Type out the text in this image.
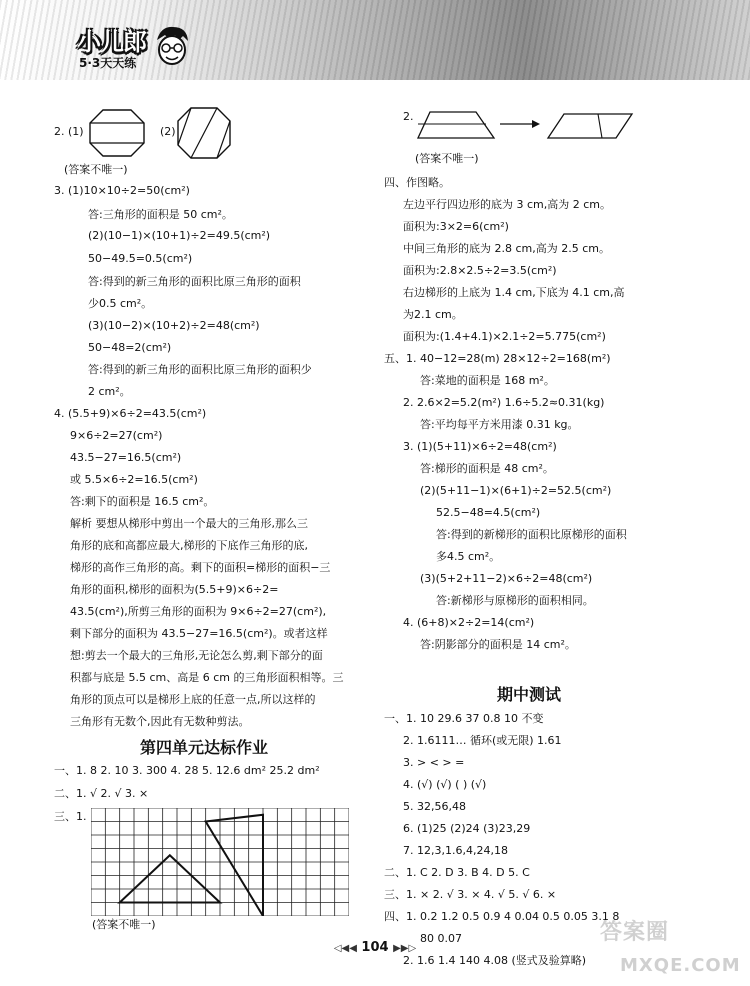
小儿郎
5·3天天练
2. (1)	(2)
(答案不唯一)
3. (1)10×10÷2=50(cm²)
答:三角形的面积是 50 cm²。
(2)(10−1)×(10+1)÷2=49.5(cm²)
50−49.5=0.5(cm²)
答:得到的新三角形的面积比原三角形的面积
少0.5 cm²。
(3)(10−2)×(10+2)÷2=48(cm²)
50−48=2(cm²)
答:得到的新三角形的面积比原三角形的面积少
2 cm²。
4. (5.5+9)×6÷2=43.5(cm²)
9×6÷2=27(cm²)
43.5−27=16.5(cm²)
或 5.5×6÷2=16.5(cm²)
答:剩下的面积是 16.5 cm²。
解析 要想从梯形中剪出一个最大的三角形,那么三
角形的底和高都应最大,梯形的下底作三角形的底,
梯形的高作三角形的高。剩下的面积=梯形的面积−三
角形的面积,梯形的面积为(5.5+9)×6÷2=
43.5(cm²),所剪三角形的面积为 9×6÷2=27(cm²),
剩下部分的面积为 43.5−27=16.5(cm²)。或者这样
想:剪去一个最大的三角形,无论怎么剪,剩下部分的面
积都与底是 5.5 cm、高是 6 cm 的三角形面积相等。三
角形的顶点可以是梯形上底的任意一点,所以这样的
三角形有无数个,因此有无数种剪法。
一、1. 8 2. 10 3. 300 4. 28 5. 12.6 dm² 25.2 dm²
二、1. √ 2. √ 3. ×
三、1.
(答案不唯一)
第四单元达标作业
2.
(答案不唯一)
四、作图略。
左边平行四边形的底为 3 cm,高为 2 cm。
面积为:3×2=6(cm²)
中间三角形的底为 2.8 cm,高为 2.5 cm。
面积为:2.8×2.5÷2=3.5(cm²)
右边梯形的上底为 1.4 cm,下底为 4.1 cm,高
为2.1 cm。
面积为:(1.4+4.1)×2.1÷2=5.775(cm²)
五、1. 40−12=28(m) 28×12÷2=168(m²)
答:菜地的面积是 168 m²。
2. 2.6×2=5.2(m²) 1.6÷5.2≈0.31(kg)
答:平均每平方米用漆 0.31 kg。
3. (1)(5+11)×6÷2=48(cm²)
答:梯形的面积是 48 cm²。
(2)(5+11−1)×(6+1)÷2=52.5(cm²)
52.5−48=4.5(cm²)
答:得到的新梯形的面积比原梯形的面积
多4.5 cm²。
(3)(5+2+11−2)×6÷2=48(cm²)
答:新梯形与原梯形的面积相同。
4. (6+8)×2÷2=14(cm²)
答:阴影部分的面积是 14 cm²。
一、1. 10 29.6 37 0.8 10 不变
2. 1.6111… 循环(或无限) 1.61
3. > < > =
4. (√) (√) ( ) (√)
5. 32,56,48
6. (1)25 (2)24 (3)23,29
7. 12,3,1.6,4,24,18
二、1. C 2. D 3. B 4. D 5. C
三、1. × 2. √ 3. × 4. √ 5. √ 6. ×
四、1. 0.2 1.2 0.5 0.9 4 0.04 0.5 0.05 3.1 8
80 0.07
2. 1.6 1.4 140 4.08 (竖式及验算略)
期中测试
◁◀◀ 104 ▶▶▷
答案圈
MXQE.COM
